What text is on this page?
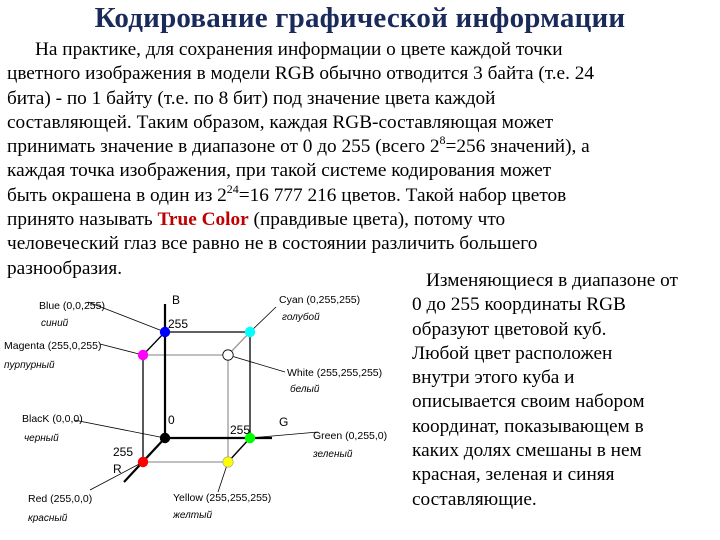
Кодирование графической информации
На практике, для сохранения информации о цвете каждой точки
цветного изображения в модели RGB обычно отводится 3 байта (т.е. 24
бита) - по 1 байту (т.е. по 8 бит) под значение цвета каждой
составляющей. Таким образом, каждая RGB-составляющая может
принимать значение в диапазоне от 0 до 255 (всего $2^8=256$ значений), а
каждая точка изображения, при такой системе кодирования может
быть окрашена в один из $2^{24}=16$ 777 216 цветов. Такой набор цветов
принято называть True Color (правдивые цвета), потому что
человеческий глаз все равно не в состоянии различить большего
разнообразия.
Изменяющиеся в диапазоне от
0 до 255 координаты RGB
образуют цветовой куб.
Любой цвет расположен
внутри этого куба и
описывается своим набором
координат, показывающем в
каких долях смешаны в нем
красная, зеленая и синяя
составляющие.
B
255
0
255
G
255
R
Blue (0,0,255)
синий
Magenta (255,0,255)
пурпурный
BlacK (0,0,0)
черный
Red (255,0,0)
красный
Cyan (0,255,255)
голубой
White (255,255,255)
белый
Green (0,255,0)
зеленый
Yellow (255,255,255)
желтый
